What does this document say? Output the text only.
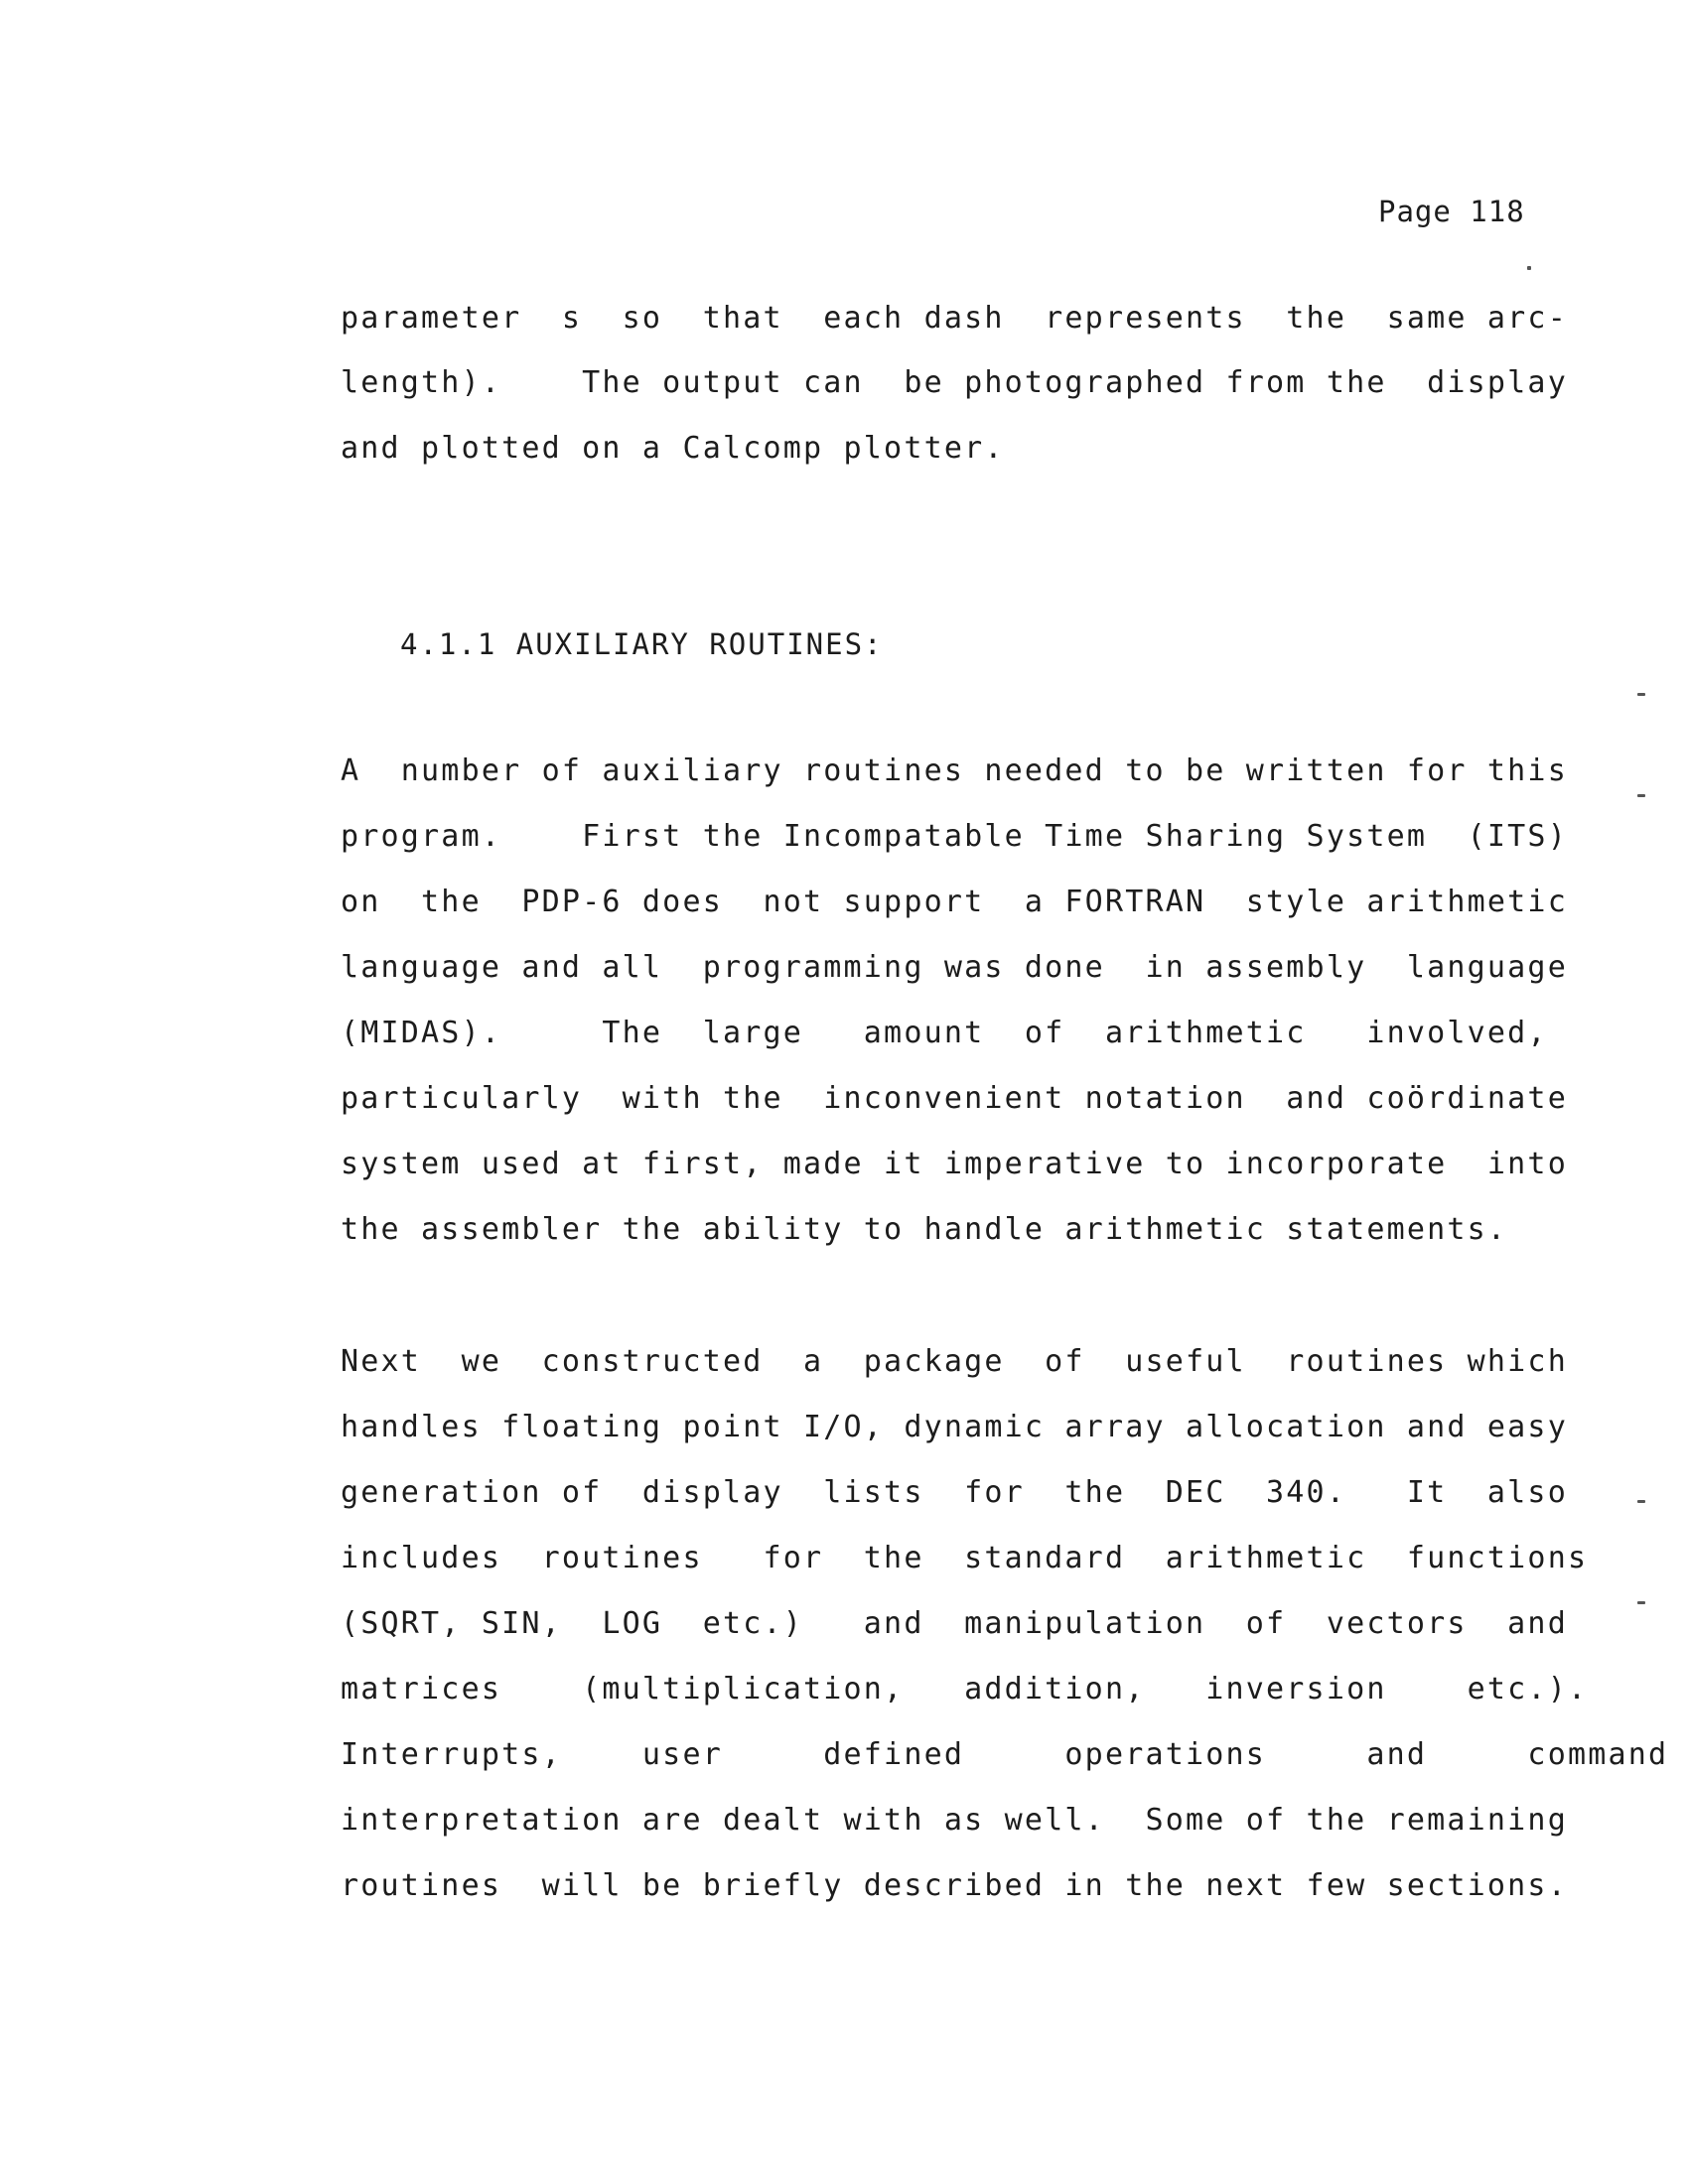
Page 118
parameter  s  so  that  each dash  represents  the  same arc-
length).    The output can  be photographed from the  display
and plotted on a Calcomp plotter.
4.1.1 AUXILIARY ROUTINES:
A  number of auxiliary routines needed to be written for this
program.    First the Incompatable Time Sharing System  (ITS)
on  the  PDP-6 does  not support  a FORTRAN  style arithmetic
language and all  programming was done  in assembly  language
(MIDAS).     The  large   amount  of  arithmetic   involved,
particularly  with the  inconvenient notation  and coördinate
system used at first, made it imperative to incorporate  into
the assembler the ability to handle arithmetic statements.
Next  we  constructed  a  package  of  useful  routines which
handles floating point I/O, dynamic array allocation and easy
generation of  display  lists  for  the  DEC  340.   It  also
includes  routines   for  the  standard  arithmetic  functions
(SQRT, SIN,  LOG  etc.)   and  manipulation  of  vectors  and
matrices    (multiplication,   addition,   inversion    etc.).
Interrupts,    user     defined     operations     and     command
interpretation are dealt with as well.  Some of the remaining
routines  will be briefly described in the next few sections.
